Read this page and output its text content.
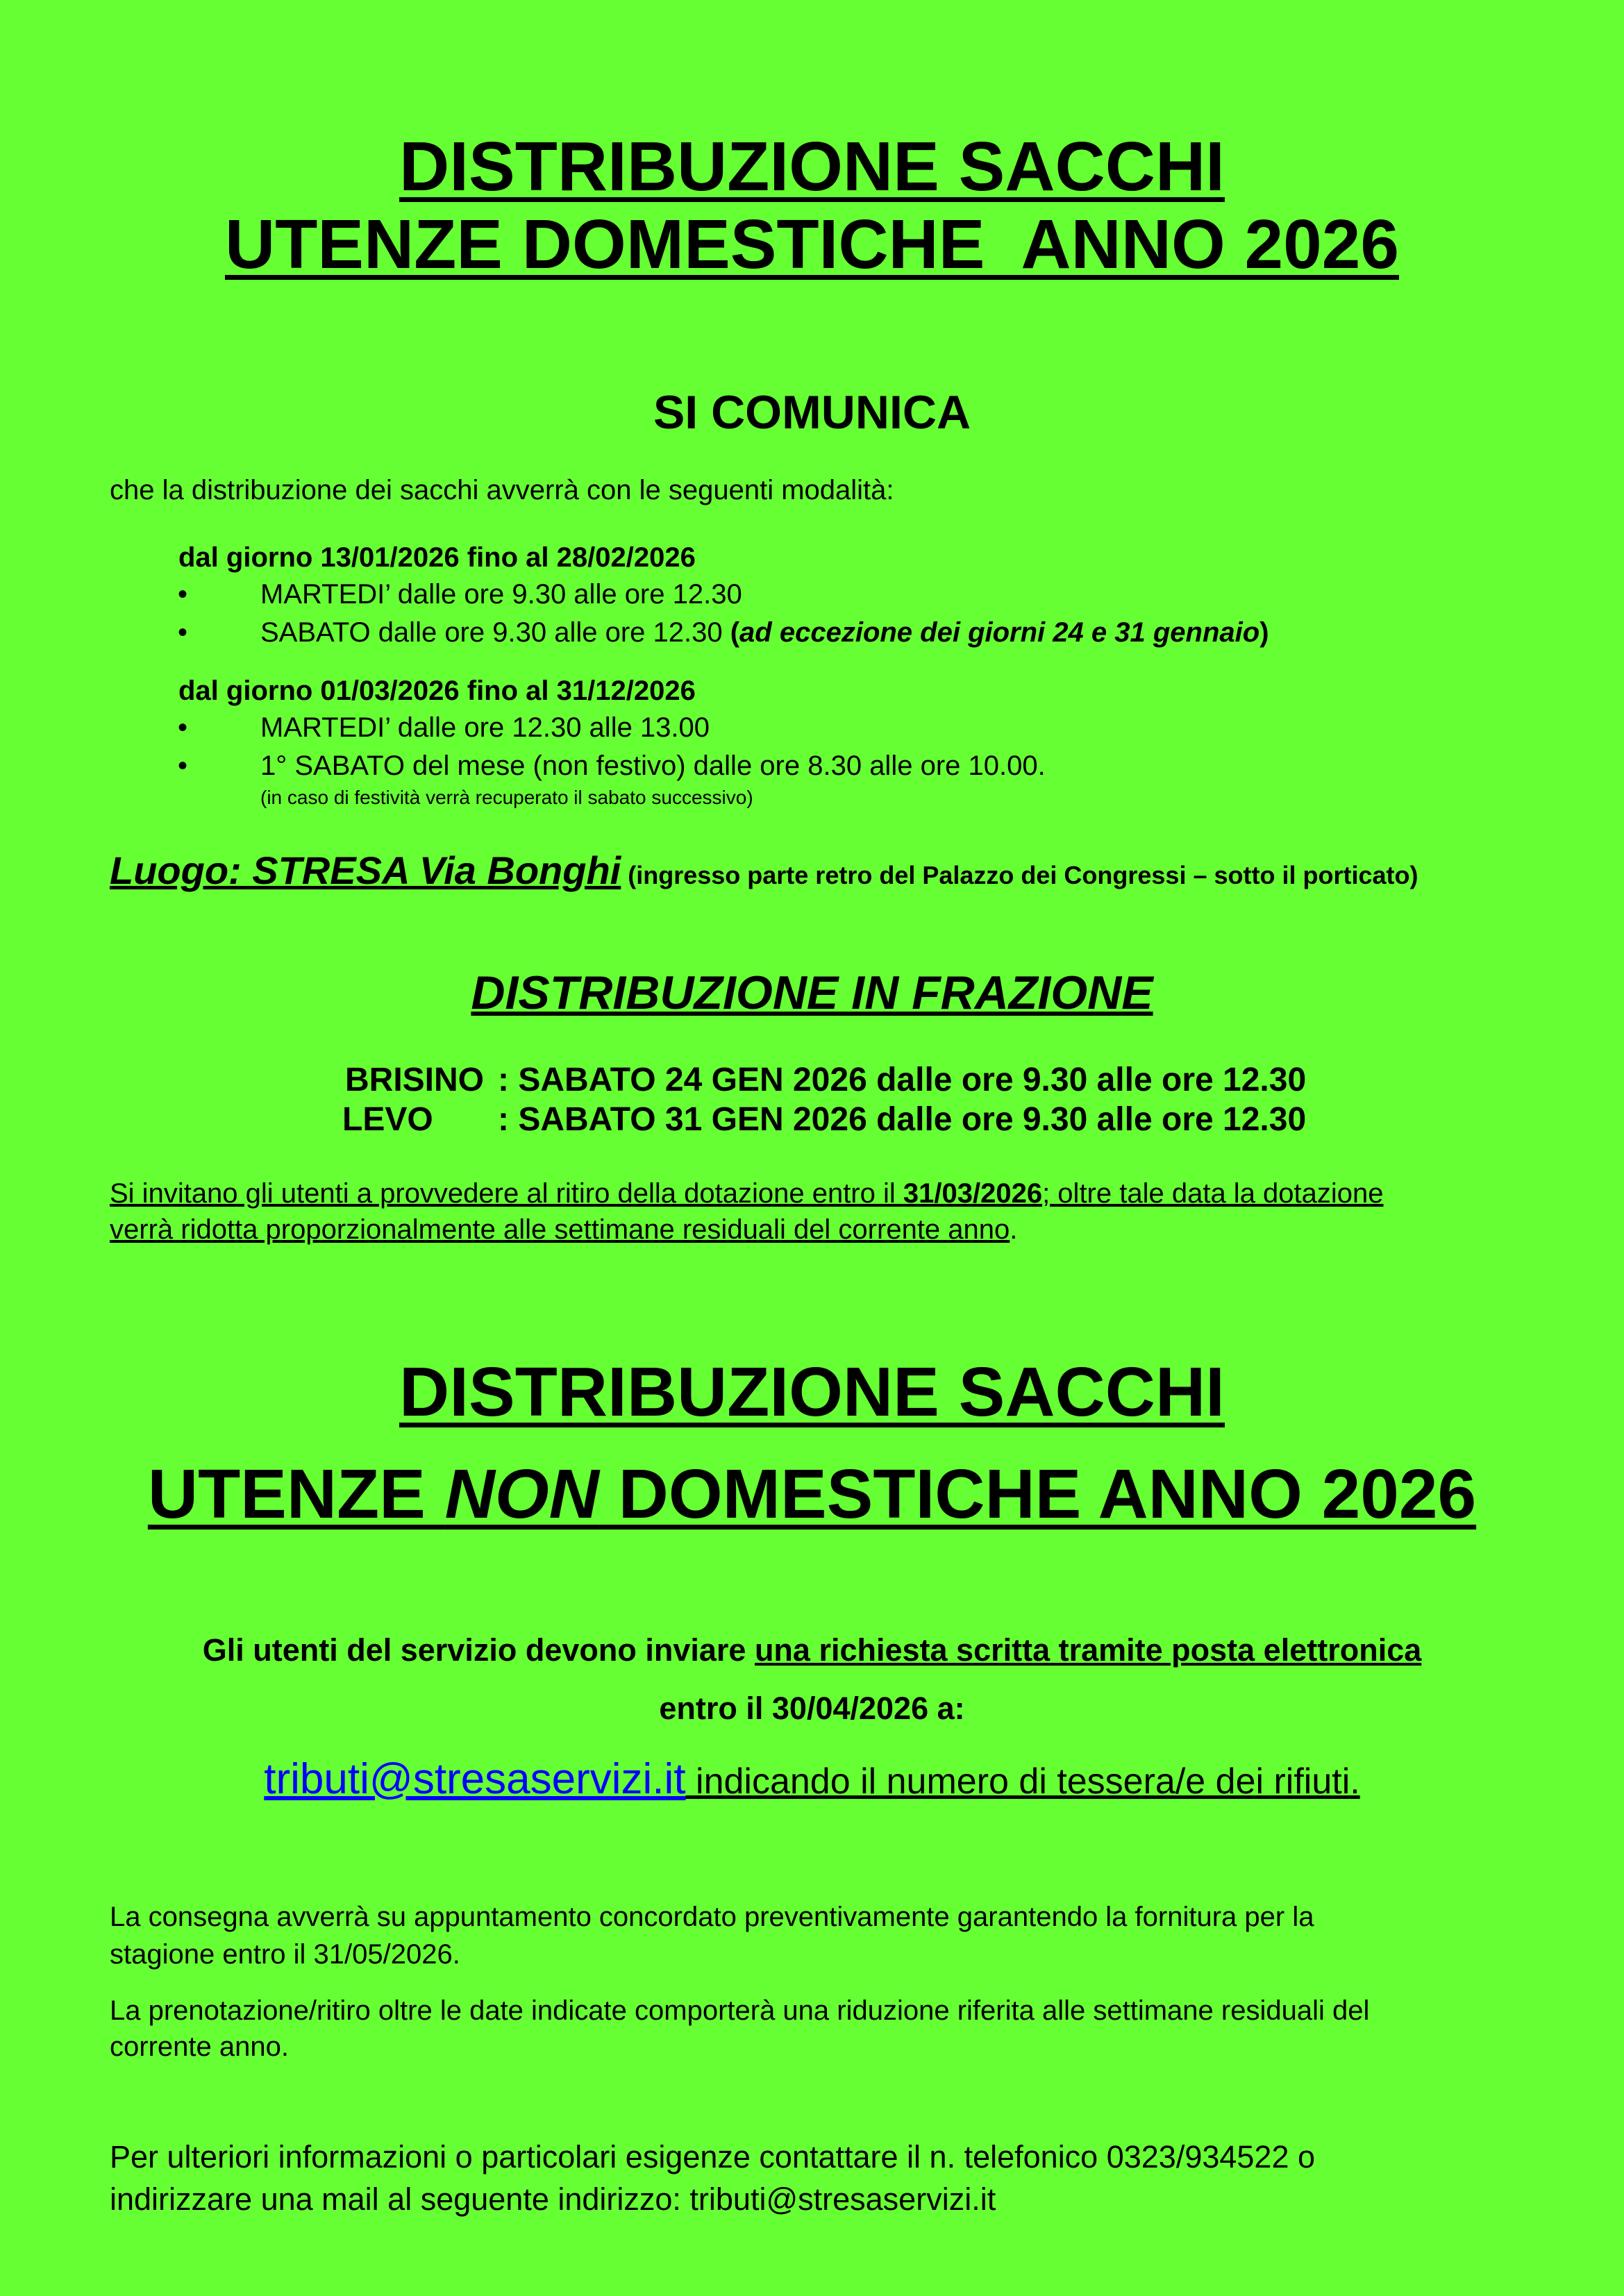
DISTRIBUZIONE SACCHI
UTENZE DOMESTICHE  ANNO 2026
SI COMUNICA
che la distribuzione dei sacchi avverrà con le seguenti modalità:
dal giorno 13/01/2026 fino al 28/02/2026
•	MARTEDI’ dalle ore 9.30 alle ore 12.30
•	SABATO dalle ore 9.30 alle ore 12.30 (ad eccezione dei giorni 24 e 31 gennaio)
dal giorno 01/03/2026 fino al 31/12/2026
•	MARTEDI’ dalle ore 12.30 alle 13.00
•	1° SABATO del mese (non festivo) dalle ore 8.30 alle ore 10.00.
(in caso di festività verrà recuperato il sabato successivo)
Luogo: STRESA Via Bonghi (ingresso parte retro del Palazzo dei Congressi – sotto il porticato)
DISTRIBUZIONE IN FRAZIONE
BRISINO : SABATO 24 GEN 2026 dalle ore 9.30 alle ore 12.30
LEVO : SABATO 31 GEN 2026 dalle ore 9.30 alle ore 12.30
Si invitano gli utenti a provvedere al ritiro della dotazione entro il 31/03/2026; oltre tale data la dotazione
verrà ridotta proporzionalmente alle settimane residuali del corrente anno.
DISTRIBUZIONE SACCHI
UTENZE NON DOMESTICHE ANNO 2026
Gli utenti del servizio devono inviare una richiesta scritta tramite posta elettronica
entro il 30/04/2026 a:
tributi@stresaservizi.it indicando il numero di tessera/e dei rifiuti.
La consegna avverrà su appuntamento concordato preventivamente garantendo la fornitura per la
stagione entro il 31/05/2026.
La prenotazione/ritiro oltre le date indicate comporterà una riduzione riferita alle settimane residuali del
corrente anno.
Per ulteriori informazioni o particolari esigenze contattare il n. telefonico 0323/934522 o
indirizzare una mail al seguente indirizzo: tributi@stresaservizi.it
